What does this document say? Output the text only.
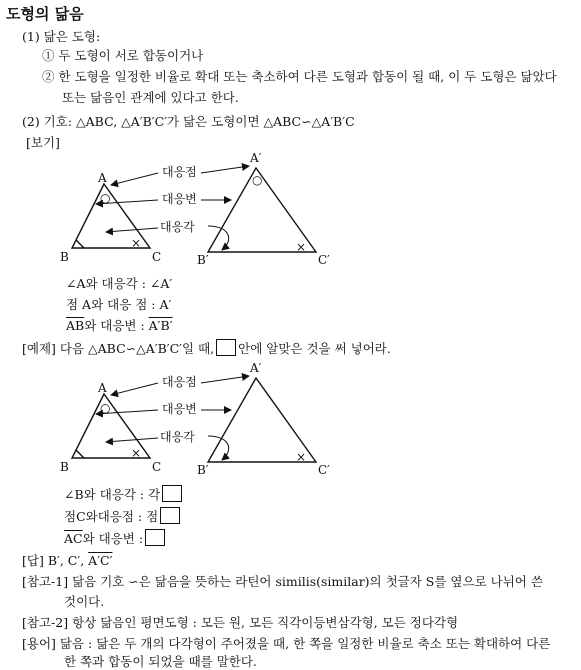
도형의 닮음
(1) 닮은 도형:
① 두 도형이 서로 합동이거나
② 한 도형을 일정한 비율로 확대 또는 축소하여 다른 도형과 합동이 될 때, 이 두 도형은 닮았다
또는 닮음인 관계에 있다고 한다.
(2) 기호: △ABC, △A′B′C′가 닮은 도형이면 △ABC∽△A′B′C
[보기]
A
B	C
A′
B′	C′
○
○
×	×
대응점
대응변
대응각
∠A와 대응각 : ∠A′
점 A와 대응 점 : A′
$\overline{AB}$와 대응변 : A′B′
[예제] 다음 △ABC∽△A′B′C′일 때, 안에 알맞은 것을 써 넣어라.
A
B	C
A′
B′	C′
○
×	×
대응점
대응변
대응각
∠B와 대응각 : 각
점C와대응점 : 점
$\overline{AC}$와 대응변 :
[답] B′, C′, A′C′
[참고-1] 닮음 기호 ∽은 닮음을 뜻하는 라틴어 similis(similar)의 첫글자 S를 옆으로 나뉘어 쓴
것이다.
[참고-2] 항상 닮음인 평면도형 : 모든 원, 모든 직각이등변삼각형, 모든 정다각형
[용어] 닮음 : 닮은 두 개의 다각형이 주어졌을 때, 한 쪽을 일정한 비율로 축소 또는 확대하여 다른
한 쪽과 합동이 되었을 때를 말한다.
